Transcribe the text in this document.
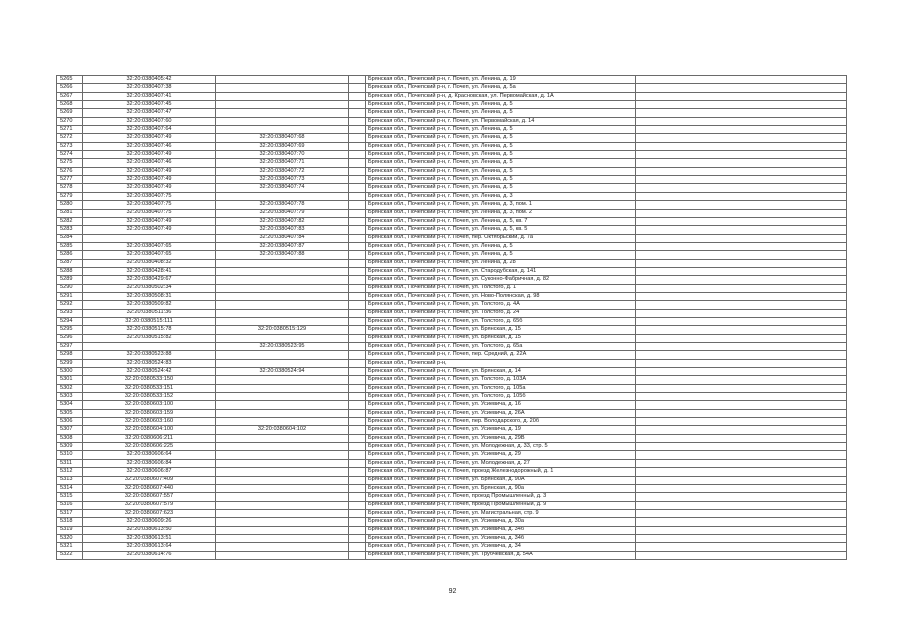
5265	32:20:0380405:42			Брянская обл., Почепский р-н, г. Почеп, ул. Ленина, д. 19	
5266	32:20:0380407:38			Брянская обл., Почепский р-н, г. Почеп, ул. Ленина, д. 5а	
5267	32:20:0380407:41			Брянская обл., Почепский р-н, д. Красновская, ул. Первомайская, д. 1А	
5268	32:20:0380407:45			Брянская обл., Почепский р-н, г. Почеп, ул. Ленина, д. 5	
5269	32:20:0380407:47			Брянская обл., Почепский р-н, г. Почеп, ул. Ленина, д. 5	
5270	32:20:0380407:60			Брянская обл., Почепский р-н, г. Почеп, ул. Первомайская, д. 14	
5271	32:20:0380407:64			Брянская обл., Почепский р-н, г. Почеп, ул. Ленина, д. 5	
5272	32:20:0380407:49	32:20:0380407:68		Брянская обл., Почепский р-н, г. Почеп, ул. Ленина, д. 5	
5273	32:20:0380407:46	32:20:0380407:69		Брянская обл., Почепский р-н, г. Почеп, ул. Ленина, д. 5	
5274	32:20:0380407:49	32:20:0380407:70		Брянская обл., Почепский р-н, г. Почеп, ул. Ленина, д. 5	
5275	32:20:0380407:46	32:20:0380407:71		Брянская обл., Почепский р-н, г. Почеп, ул. Ленина, д. 5	
5276	32:20:0380407:49	32:20:0380407:72		Брянская обл., Почепский р-н, г. Почеп, ул. Ленина, д. 5	
5277	32:20:0380407:49	32:20:0380407:73		Брянская обл., Почепский р-н, г. Почеп, ул. Ленина, д. 5	
5278	32:20:0380407:49	32:20:0380407:74		Брянская обл., Почепский р-н, г. Почеп, ул. Ленина, д. 5	
5279	32:20:0380407:75			Брянская обл., Почепский р-н, г. Почеп, ул. Ленина, д. 3	
5280	32:20:0380407:75	32:20:0380407:78		Брянская обл., Почепский р-н, г. Почеп, ул. Ленина, д. 3, пом. 1	
5281	32:20:0380407:75	32:20:0380407:79		Брянская обл., Почепский р-н, г. Почеп, ул. Ленина, д. 3, пом. 2	
5282	32:20:0380407:49	32:20:0380407:82		Брянская обл., Почепский р-н, г. Почеп, ул. Ленина, д. 5, кв. 7	
5283	32:20:0380407:49	32:20:0380407:83		Брянская обл., Почепский р-н, г. Почеп, ул. Ленина, д. 5, кв. 5	
5284		32:20:0380407:84		Брянская обл., Почепский р-н, г. Почеп, пер. Октябрьский, д. 7а	
5285	32:20:0380407:65	32:20:0380407:87		Брянская обл., Почепский р-н, г. Почеп, ул. Ленина, д. 5	
5286	32:20:0380407:65	32:20:0380407:88		Брянская обл., Почепский р-н, г. Почеп, ул. Ленина, д. 5	
5287	32:20:0380408:32			Брянская обл., Почепский р-н, г. Почеп, ул. Ленина, д. 28	
5288	32:20:0380428:41			Брянская обл., Почепский р-н, г. Почеп, ул. Стародубская, д. 141	
5289	32:20:0380429:67			Брянская обл., Почепский р-н, г. Почеп, ул. Суконно-Фабричная, д. 82	
5290	32:20:0380502:34			Брянская обл., Почепский р-н, г. Почеп, ул. Толстого, д. 1	
5291	32:20:0380508:31			Брянская обл., Почепский р-н, г. Почеп, ул. Ново-Полянская, д. 98	
5292	32:20:0380509:82			Брянская обл., Почепский р-н, г. Почеп, ул. Толстого, д. 4А	
5293	32:20:0380511:36			Брянская обл., Почепский р-н, г. Почеп, ул. Толстого, д. 24	
5294	32:20:0380515:111			Брянская обл., Почепский р-н, г. Почеп, ул. Толстого, д. 65б	
5295	32:20:0380515:78	32:20:0380515:129		Брянская обл., Почепский р-н, г. Почеп, ул. Брянская, д. 15	
5296	32:20:0380515:82			Брянская обл., Почепский р-н, г. Почеп, ул. Брянская, д. 15	
5297		32:20:0380523:95		Брянская обл., Почепский р-н, г. Почеп, ул. Толстого, д. 65а	
5298	32:20:0380523:88			Брянская обл., Почепский р-н, г. Почеп, пер. Средний, д. 22А	
5299	32:20:0380524:83			Брянская обл., Почепский р-н,	
5300	32:20:0380524:42	32:20:0380524:94		Брянская обл., Почепский р-н, г. Почеп, ул. Брянская, д. 14	
5301	32:20:0380533:150			Брянская обл., Почепский р-н, г. Почеп, ул. Толстого, д. 103А	
5302	32:20:0380533:151			Брянская обл., Почепский р-н, г. Почеп, ул. Толстого, д. 105а	
5303	32:20:0380533:152			Брянская обл., Почепский р-н, г. Почеп, ул. Толстого, д. 105б	
5304	32:20:0380603:100			Брянская обл., Почепский р-н, г. Почеп, ул. Усиевича, д. 16	
5305	32:20:0380603:159			Брянская обл., Почепский р-н, г. Почеп, ул. Усиевича, д. 26А	
5306	32:20:0380603:160			Брянская обл., Почепский р-н, г. Почеп, пер. Володарского, д. 20б	
5307	32:20:0380604:100	32:20:0380604:102		Брянская обл., Почепский р-н, г. Почеп, ул. Усиевича, д. 19	
5308	32:20:0380606:211			Брянская обл., Почепский р-н, г. Почеп, ул. Усиевича, д. 29В	
5309	32:20:0380606:225			Брянская обл., Почепский р-н, г. Почеп, ул. Молодежная, д. 33, стр. 5	
5310	32:20:0380606:64			Брянская обл., Почепский р-н, г. Почеп, ул. Усиевича, д. 29	
5311	32:20:0380606:84			Брянская обл., Почепский р-н, г. Почеп, ул. Молодежная, д. 27	
5312	32:20:0380606:87			Брянская обл., Почепский р-н, г. Почеп, проезд Железнодорожный, д. 1	
5313	32:20:0380607:409			Брянская обл., Почепский р-н, г. Почеп, ул. Брянская, д. 90А	
5314	32:20:0380607:440			Брянская обл., Почепский р-н, г. Почеп, ул. Брянская, д. 90а	
5315	32:20:0380607:557			Брянская обл., Почепский р-н, г. Почеп, проезд Промышленный, д. 3	
5316	32:20:0380607:579			Брянская обл., Почепский р-н, г. Почеп, проезд Промышленный, д. 9	
5317	32:20:0380607:623			Брянская обл., Почепский р-н, г. Почеп, ул. Магистральная, стр. 9	
5318	32:20:0380609:26			Брянская обл., Почепский р-н, г. Почеп, ул. Усиевича, д. 30а	
5319	32:20:0380613:50			Брянская обл., Почепский р-н, г. Почеп, ул. Усиевича, д. 34б	
5320	32:20:0380613:51			Брянская обл., Почепский р-н, г. Почеп, ул. Усиевича, д. 34б	
5321	32:20:0380613:64			Брянская обл., Почепский р-н, г. Почеп, ул. Усиевича, д. 34	
5322	32:20:0380614:76			Брянская обл., Почепский р-н, г. Почеп, ул. Трубчевская, д. 54А	
92
